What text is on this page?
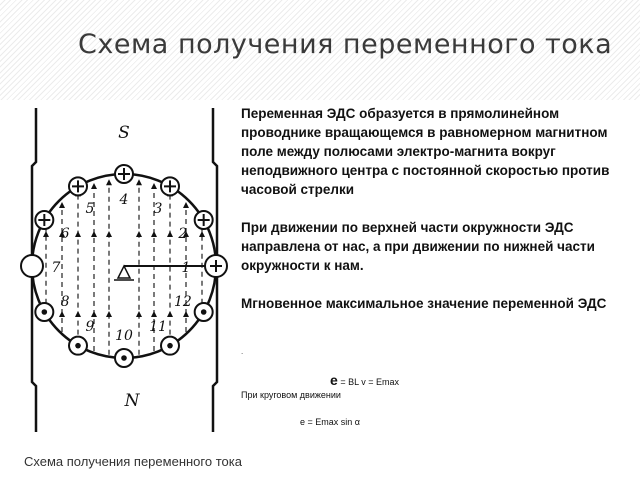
Схема получения переменного тока
1
2
3
4
5
6
7
8
9
10
11
12
S
N
Схема получения переменного тока

Переменная ЭДС образуется в прямолинейном проводнике вращающемся в равномерном магнитном поле между полюсами электро-магнита вокруг неподвижного центра с постоянной скоростью против часовой стрелки

При движении по верхней части окружности ЭДС направлена от нас, а при движении по нижней части окружности к нам.

Мгновенное максимальное значение переменной ЭДС

.
e = BL v = Emax
При круговом движении
e = Emax sin α
